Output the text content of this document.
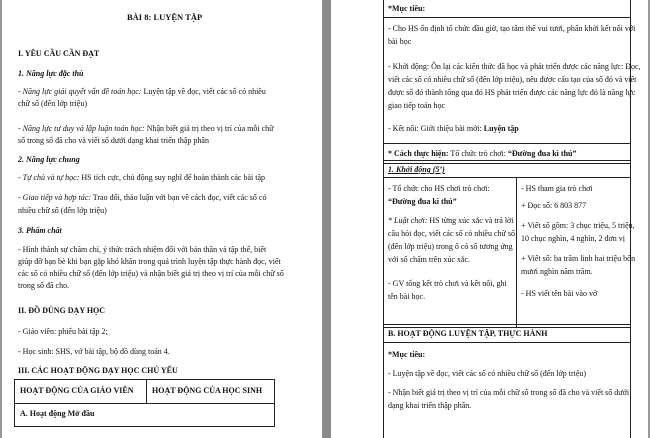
BÀI 8: LUYỆN TẬP
I. YÊU CẦU CẦN ĐẠT
1. Năng lực đặc thù
- Năng lực giải quyết vấn đề toán học: Luyện tập về đọc, viết các số có nhiều
chữ số (đến lớp triệu)
- Năng lực tư duy và lập luận toán học: Nhận biết giá trị theo vị trí của mỗi chữ
số trong số đã cho và viết số dưới dạng khai triển thập phân
2. Năng lực chung
- Tự chủ và tự học: HS tích cực, chủ động suy nghĩ để hoàn thành các bài tập
- Giao tiếp và hợp tác: Trao đổi, thảo luận với bạn về cách đọc, viết các số có
nhiều chữ số (đến lớp triệu)
3. Phẩm chất
- Hình thành sự chăm chỉ, ý thức trách nhiệm đối với bản thân và tập thể, biết
giúp đỡ bạn bè khi bạn gặp khó khăn trong quá trình luyện tập thực hành đọc, viết
các số có nhiều chữ số (đến lớp triệu) và nhận biết giá trị theo vị trí của mỗi chữ số
trong số đã cho.
II. ĐỒ DÙNG DẠY HỌC
- Giáo viên: phiếu bài tập 2;
- Học sinh: SHS, vở bài tập, bộ đồ dùng toán 4.
III. CÁC HOẠT ĐỘNG DẠY HỌC CHỦ YẾU
HOẠT ĐỘNG CỦA GIÁO VIÊN HOẠT ĐỘNG CỦA HỌC SINH
A. Hoạt động Mở đầu
*Mục tiêu:
- Cho HS ổn định tổ chức đầu giờ, tạo tâm thế vui tươi, phấn khởi kết nối với
bài học
- Khởi động: Ôn lại các kiến thức đã học và phát triển được các năng lực: Đọc,
viết các số có nhiều chữ số (đến lớp triệu), nêu được cấu tạo của số đó và viết
được số đó thành tổng qua đó HS phát triển được các năng lực đó là năng lực
giao tiếp toán học
- Kết nối: Giới thiệu bài mới: Luyện tập
* Cách thực hiện: Tổ chức trò chơi: “Đường đua kì thú”
1. Khởi động (5’)
- Tổ chức cho HS chơi trò chơi:
“Đường đua kì thú”
* Luật chơi: HS từng xúc xắc và trả lời
câu hỏi đọc, viết các số có nhiều chữ số
(đến lớp triệu) trong ô có số tương ứng
với số chấm trên xúc xắc.
- GV tổng kết trò chơi và kết nối, ghi
tên bài học.
- HS tham gia trò chơi
+ Đọc số: 6 803 877
+ Viết số gồm: 3 chục triệu, 5 triệu,
10 chục nghìn, 4 nghìn, 2 đơn vị
+ Viết số: ba trăm linh hai triệu bốn
mươi nghìn năm trăm.
- HS viết tên bài vào vở
B. HOẠT ĐỘNG LUYỆN TẬP, THỰC HÀNH
*Mục tiêu:
- Luyện tập về đọc, viết các số có nhiều chữ số (đến lớp triệu)
- Nhận biết giá trị theo vị trí của mỗi chữ số trong số đã cho và viết số dưới
dạng khai triển thập phân.
